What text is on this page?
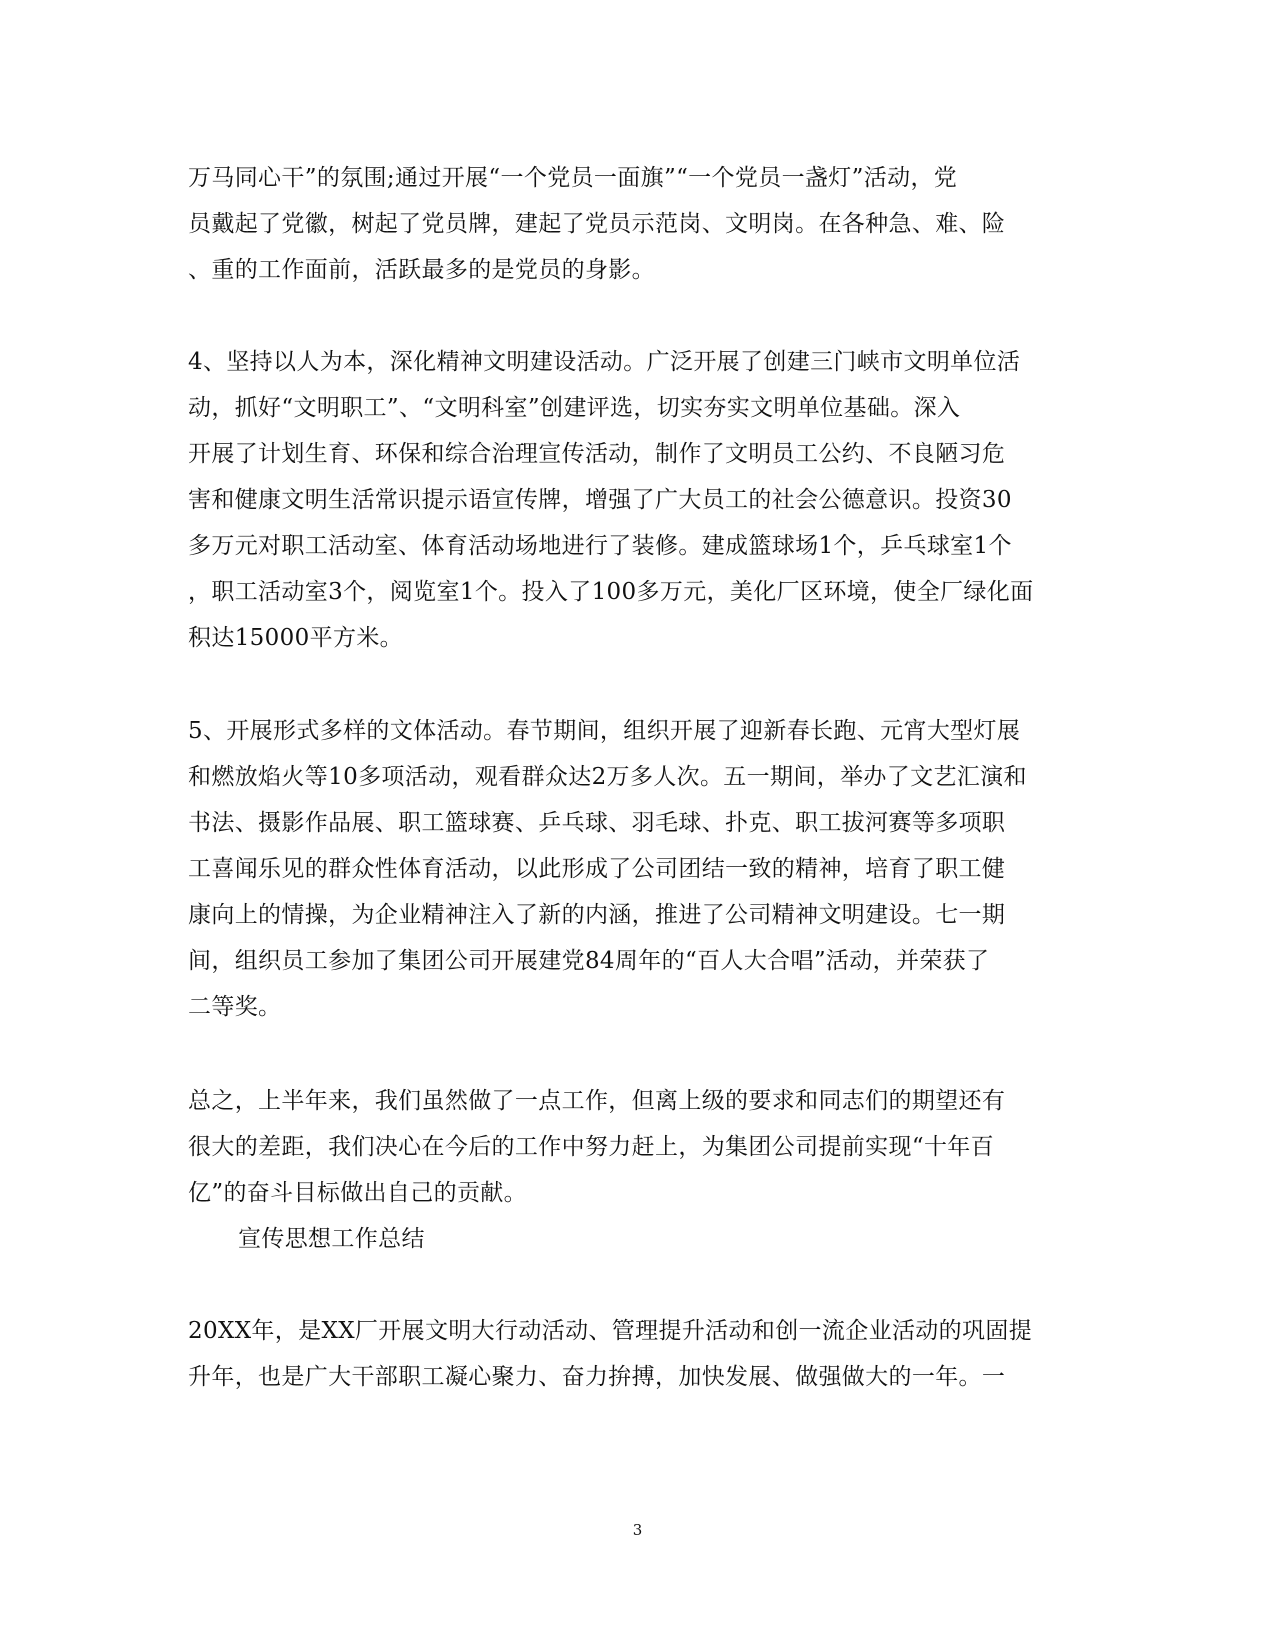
万马同心干”的氛围;通过开展“一个党员一面旗”“一个党员一盏灯”活动，党
员戴起了党徽，树起了党员牌，建起了党员示范岗、文明岗。在各种急、难、险
、重的工作面前，活跃最多的是党员的身影。
4、坚持以人为本，深化精神文明建设活动。广泛开展了创建三门峡市文明单位活
动，抓好“文明职工”、“文明科室”创建评选，切实夯实文明单位基础。深入
开展了计划生育、环保和综合治理宣传活动，制作了文明员工公约、不良陋习危
害和健康文明生活常识提示语宣传牌，增强了广大员工的社会公德意识。投资30
多万元对职工活动室、体育活动场地进行了装修。建成篮球场1个，乒乓球室1个
，职工活动室3个，阅览室1个。投入了100多万元，美化厂区环境，使全厂绿化面
积达15000平方米。
5、开展形式多样的文体活动。春节期间，组织开展了迎新春长跑、元宵大型灯展
和燃放焰火等10多项活动，观看群众达2万多人次。五一期间，举办了文艺汇演和
书法、摄影作品展、职工篮球赛、乒乓球、羽毛球、扑克、职工拔河赛等多项职
工喜闻乐见的群众性体育活动，以此形成了公司团结一致的精神，培育了职工健
康向上的情操，为企业精神注入了新的内涵，推进了公司精神文明建设。七一期
间，组织员工参加了集团公司开展建党84周年的“百人大合唱”活动，并荣获了
二等奖。
总之，上半年来，我们虽然做了一点工作，但离上级的要求和同志们的期望还有
很大的差距，我们决心在今后的工作中努力赶上，为集团公司提前实现“十年百
亿”的奋斗目标做出自己的贡献。
宣传思想工作总结
20XX年，是XX厂开展文明大行动活动、管理提升活动和创一流企业活动的巩固提
升年，也是广大干部职工凝心聚力、奋力拚搏，加快发展、做强做大的一年。一
3
